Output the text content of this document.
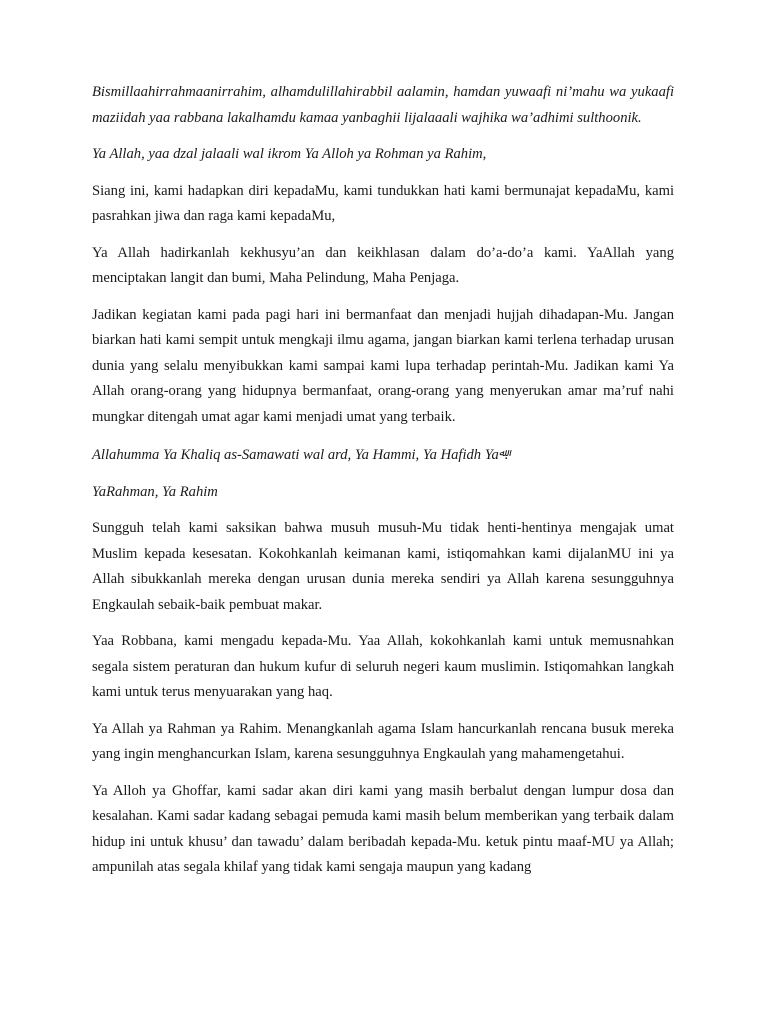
Bismillaahirrahmaanirrahim, alhamdulillahirabbil aalamin, hamdan yuwaafi ni’mahu wa yukaafi maziidah yaa rabbana lakalhamdu kamaa yanbaghii lijalaaali wajhika wa’adhimi sulthoonik.

Ya Allah, yaa dzal jalaali wal ikrom Ya Alloh ya Rohman ya Rahim,

Siang ini, kami hadapkan diri kepadaMu, kami tundukkan hati kami bermunajat kepadaMu, kami pasrahkan jiwa dan raga kami kepadaMu,

Ya Allah hadirkanlah kekhusyu’an dan keikhlasan dalam do’a-do’a kami. YaAllah yang menciptakan langit dan bumi, Maha Pelindung, Maha Penjaga.

Jadikan kegiatan kami pada pagi hari ini bermanfaat dan menjadi hujjah dihadapan-Mu. Jangan biarkan hati kami sempit untuk mengkaji ilmu agama, jangan biarkan kami terlena terhadap urusan dunia yang selalu menyibukkan kami sampai kami lupa terhadap perintah-Mu. Jadikan kami Ya Allah orang-orang yang hidupnya bermanfaat, orang-orang yang menyerukan amar ma’ruf nahi mungkar ditengah umat agar kami menjadi umat yang terbaik.

Allahumma Ya Khaliq as-Samawati wal ard, Ya Hammi, Ya Hafidh $Ya^ﷲ$.

YaRahman, Ya Rahim

Sungguh telah kami saksikan bahwa musuh musuh-Mu tidak henti-hentinya mengajak umat Muslim kepada kesesatan. Kokohkanlah keimanan kami, istiqomahkan kami dijalanMU ini ya Allah sibukkanlah mereka dengan urusan dunia mereka sendiri ya Allah karena sesungguhnya Engkaulah sebaik-baik pembuat makar.

Yaa Robbana, kami mengadu kepada-Mu. Yaa Allah, kokohkanlah kami untuk memusnahkan segala sistem peraturan dan hukum kufur di seluruh negeri kaum muslimin. Istiqomahkan langkah kami untuk terus menyuarakan yang haq.

Ya Allah ya Rahman ya Rahim. Menangkanlah agama Islam hancurkanlah rencana busuk mereka yang ingin menghancurkan Islam, karena sesungguhnya Engkaulah yang mahamengetahui.

Ya Alloh ya Ghoffar, kami sadar akan diri kami yang masih berbalut dengan lumpur dosa dan kesalahan. Kami sadar kadang sebagai pemuda kami masih belum memberikan yang terbaik dalam hidup ini untuk khusu’ dan tawadu’ dalam beribadah kepada-Mu. ketuk pintu maaf-MU ya Allah; ampunilah atas segala khilaf yang tidak kami sengaja maupun yang kadang
